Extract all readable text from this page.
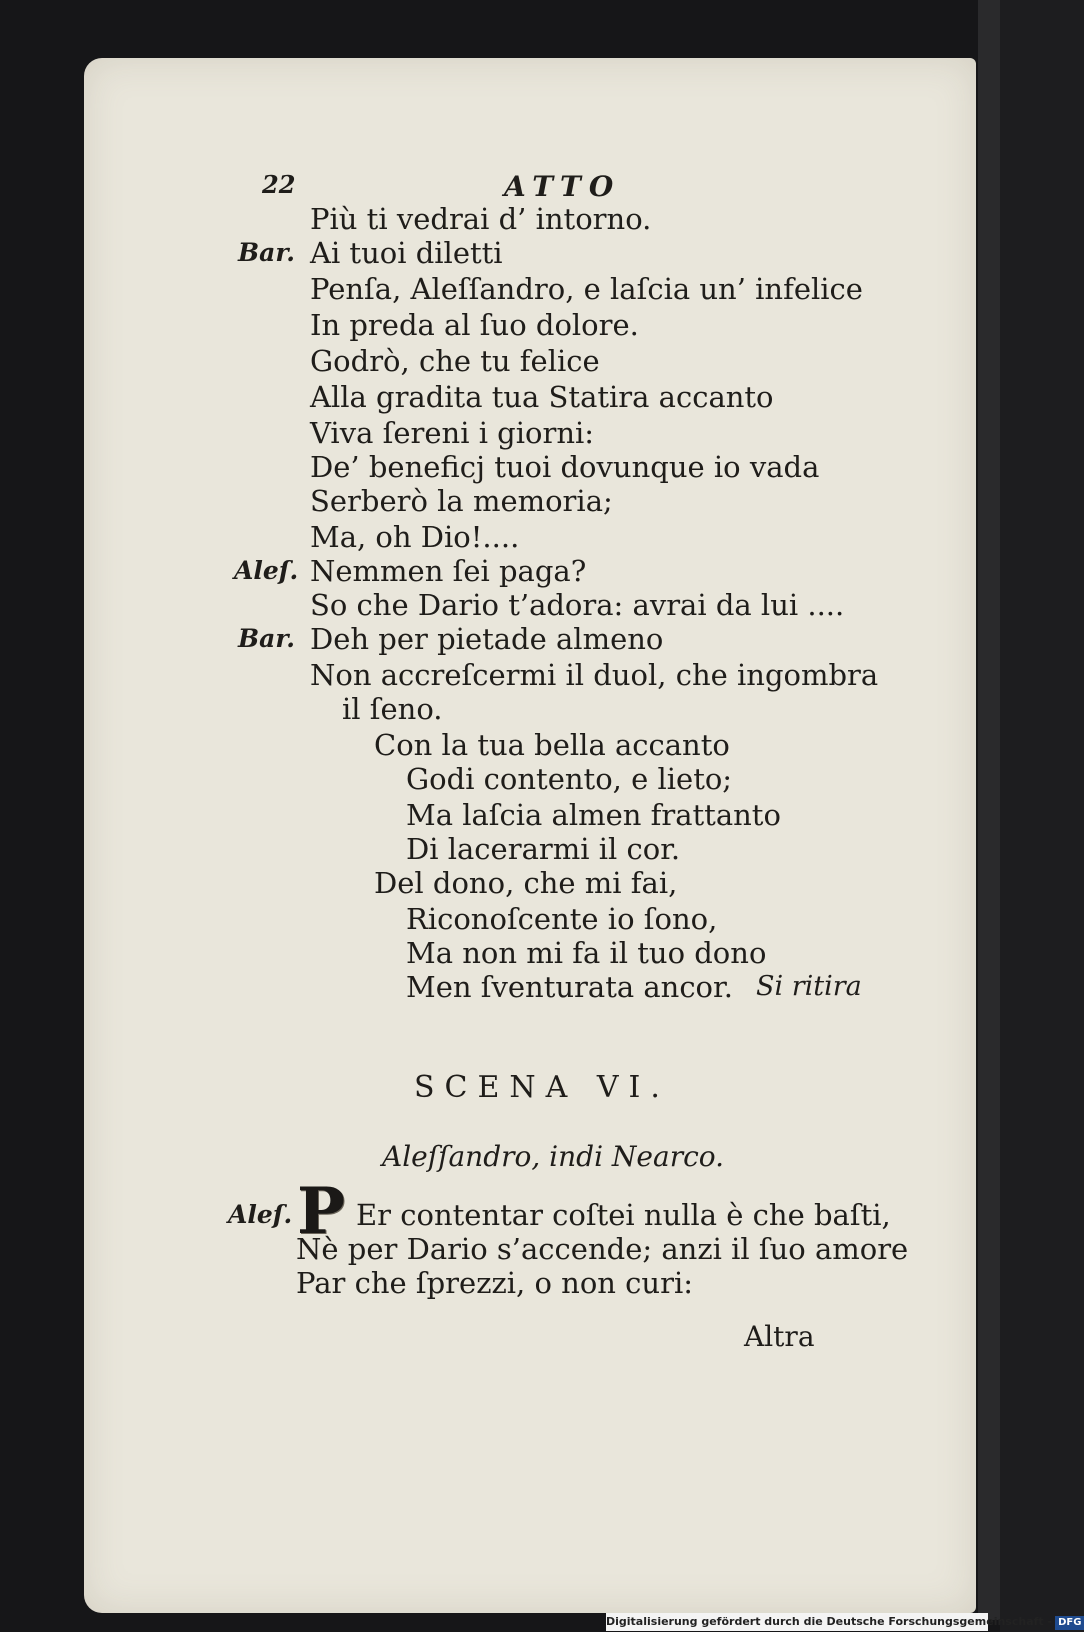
22	ATTO
Più ti vedrai d’ intorno.
Bar. Ai tuoi diletti
Penſa, Aleſſandro, e laſcia un’ infelice
In preda al ſuo dolore.
Godrò, che tu felice
Alla gradita tua Statira accanto
Viva ſereni i giorni:
De’ beneficj tuoi dovunque io vada
Serberò la memoria;
Ma, oh Dio!....
Aleſ. Nemmen ſei paga?
So che Dario t’adora: avrai da lui ....
Bar. Deh per pietade almeno
Non accreſcermi il duol, che ingombra
il ſeno.
Con la tua bella accanto
Godi contento, e lieto;
Ma laſcia almen frattanto
Di lacerarmi il cor.
Del dono, che mi fai,
Riconoſcente io ſono,
Ma non mi fa il tuo dono
Men ſventurata ancor. Si ritira
SCENA VI.
Aleſſandro, indi Nearco.
Aleſ. P Er contentar coſtei nulla è che baſti,
Nè per Dario s’accende; anzi il ſuo amore
Par che ſprezzi, o non curi:
Altra
Digitalisierung gefördert durch die Deutsche Forschungsgemeinschaft - DFG
